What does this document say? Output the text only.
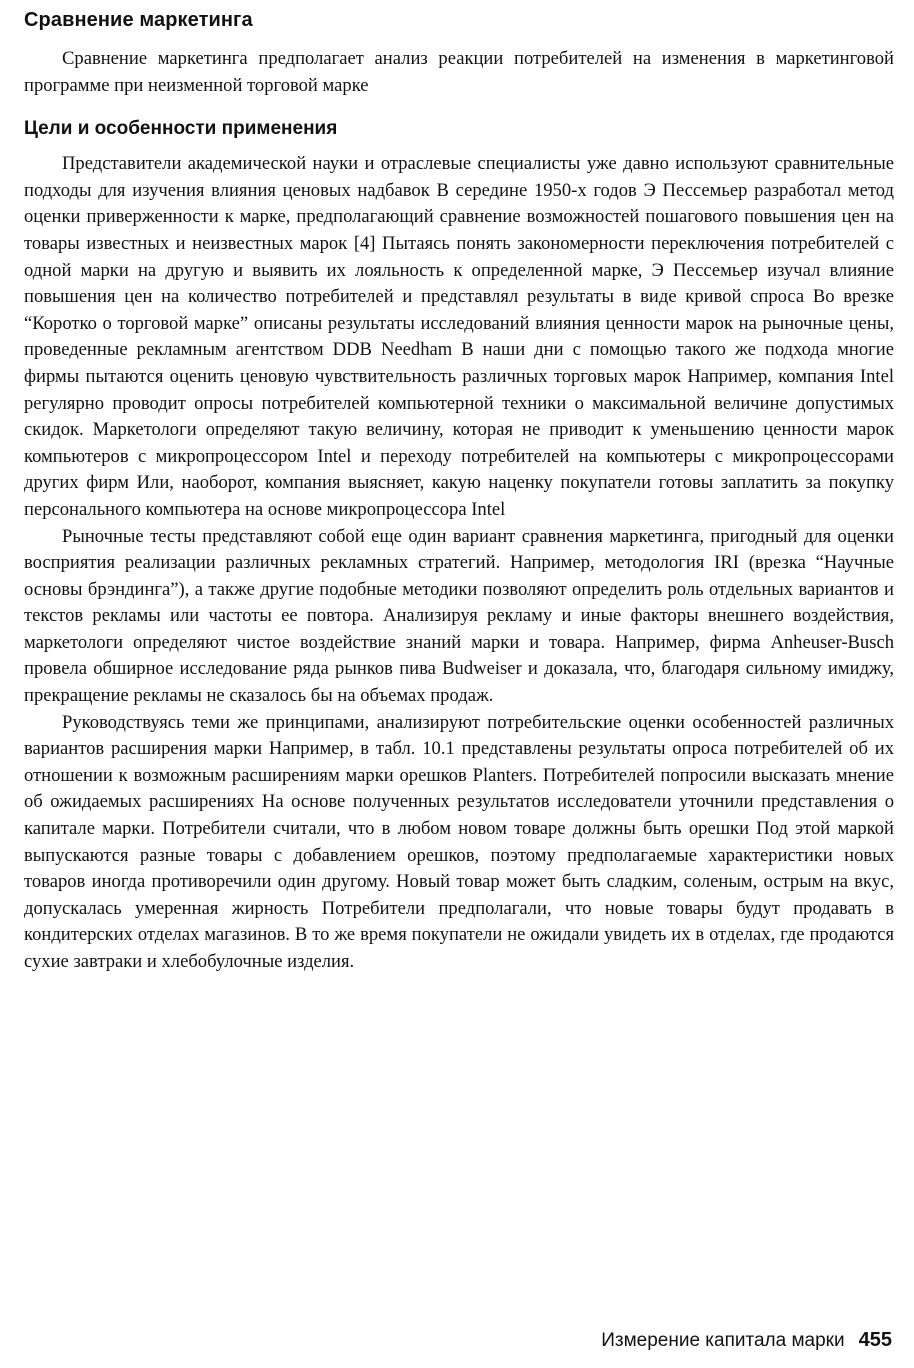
Сравнение маркетинга

Сравнение маркетинга предполагает анализ реакции потребителей на изменения в маркетинговой программе при неизменной торговой марке

Цели и особенности применения

Представители академической науки и отраслевые специалисты уже давно используют сравнительные подходы для изучения влияния ценовых надбавок В середине 1950-х годов Э Пессемьер разработал метод оценки приверженности к марке, предполагающий сравнение возможностей пошагового повышения цен на товары известных и неизвестных марок [4] Пытаясь понять закономерности переключения потребителей с одной марки на другую и выявить их лояльность к определенной марке, Э Пессемьер изучал влияние повышения цен на количество потребителей и представлял результаты в виде кривой спроса Во врезке “Коротко о торговой марке” описаны результаты исследований влияния ценности марок на рыночные цены, проведенные рекламным агентством DDB Needham В наши дни с помощью такого же подхода многие фирмы пытаются оценить ценовую чувствительность различных торговых марок Например, компания Intel регулярно проводит опросы потребителей компьютерной техники о максимальной величине допустимых скидок. Маркетологи определяют такую величину, которая не приводит к уменьшению ценности марок компьютеров с микропроцессором Intel и переходу потребителей на компьютеры с микропроцессорами других фирм Или, наоборот, компания выясняет, какую наценку покупатели готовы заплатить за покупку персонального компьютера на основе микропроцессора Intel

Рыночные тесты представляют собой еще один вариант сравнения маркетинга, пригодный для оценки восприятия реализации различных рекламных стратегий. Например, методология IRI (врезка “Научные основы брэндинга”), а также другие подобные методики позволяют определить роль отдельных вариантов и текстов рекламы или частоты ее повтора. Анализируя рекламу и иные факторы внешнего воздействия, маркетологи определяют чистое воздействие знаний марки и товара. Например, фирма Anheuser-Busch провела обширное исследование ряда рынков пива Budweiser и доказала, что, благодаря сильному имиджу, прекращение рекламы не сказалось бы на объемах продаж.

Руководствуясь теми же принципами, анализируют потребительские оценки особенностей различных вариантов расширения марки Например, в табл. 10.1 представлены результаты опроса потребителей об их отношении к возможным расширениям марки орешков Planters. Потребителей попросили высказать мнение об ожидаемых расширениях На основе полученных результатов исследователи уточнили представления о капитале марки. Потребители считали, что в любом новом товаре должны быть орешки Под этой маркой выпускаются разные товары с добавлением орешков, поэтому предполагаемые характеристики новых товаров иногда противоречили один другому. Новый товар может быть сладким, соленым, острым на вкус, допускалась умеренная жирность Потребители предполагали, что новые товары будут продавать в кондитерских отделах магазинов. В то же время покупатели не ожидали увидеть их в отделах, где продаются сухие завтраки и хлебобулочные изделия.

Измерение капитала марки 455
